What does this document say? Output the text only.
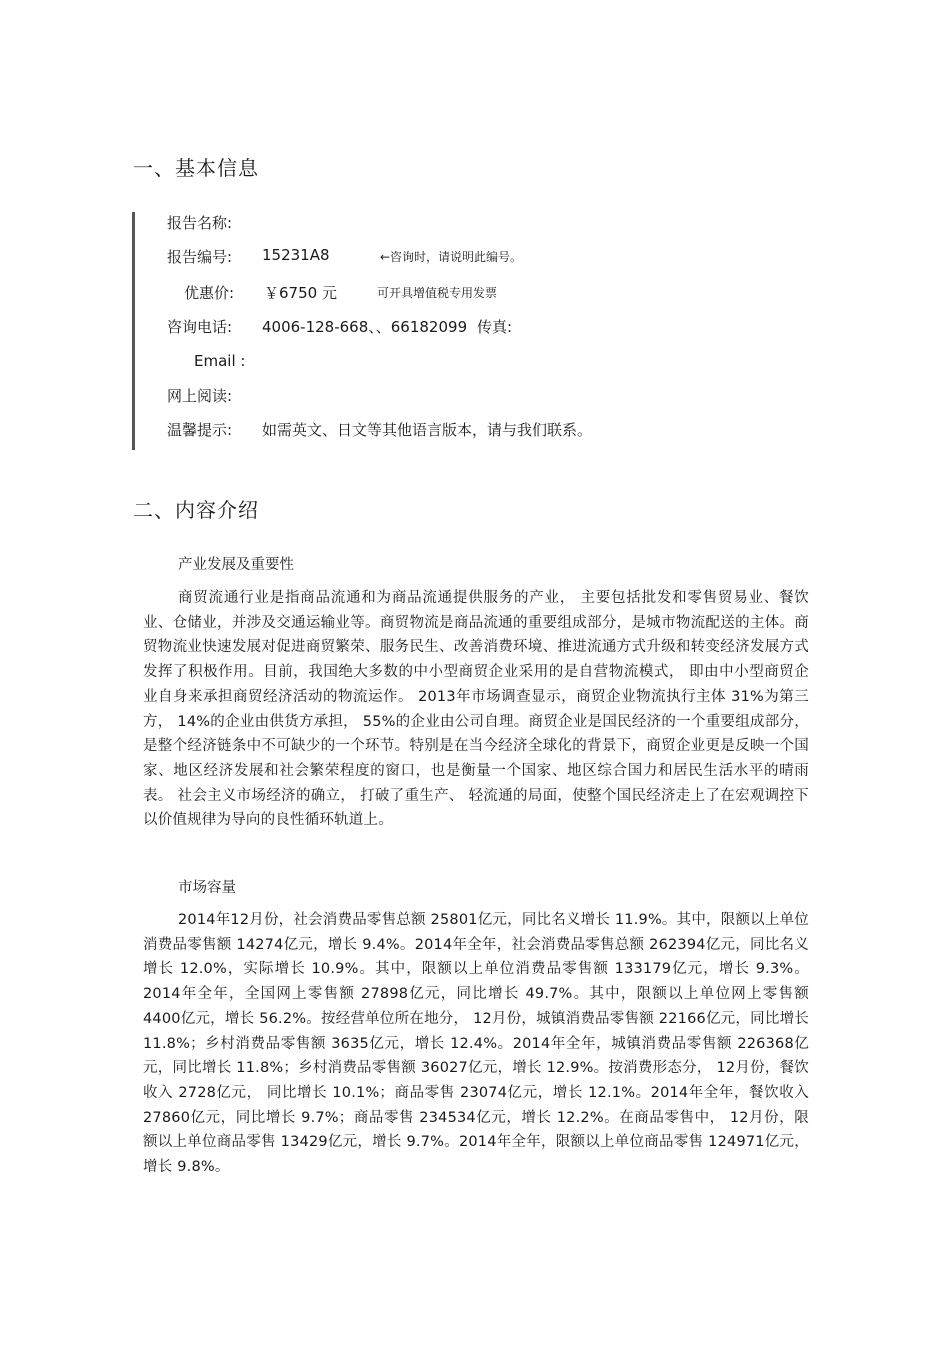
一、基本信息
报告名称:
报告编号: 15231A8	←咨询时，请说明此编号。
优惠价: ￥6750 元	可开具增值税专用发票
咨询电话: 4006-128-668、、66182099 传真:
Email :
网上阅读:
温馨提示: 如需英文、日文等其他语言版本，请与我们联系。
二、内容介绍
产业发展及重要性

商贸流通行业是指商品流通和为商品流通提供服务的产业， 主要包括批发和零售贸易业、餐饮业、仓储业，并涉及交通运输业等。商贸物流是商品流通的重要组成部分，是城市物流配送的主体。商贸物流业快速发展对促进商贸繁荣、服务民生、改善消费环境、推进流通方式升级和转变经济发展方式发挥了积极作用。目前，我国绝大多数的中小型商贸企业采用的是自营物流模式， 即由中小型商贸企业自身来承担商贸经济活动的物流运作。 2013年市场调查显示，商贸企业物流执行主体 31%为第三方， 14%的企业由供货方承担， 55%的企业由公司自理。商贸企业是国民经济的一个重要组成部分，是整个经济链条中不可缺少的一个环节。特别是在当今经济全球化的背景下，商贸企业更是反映一个国家、地区经济发展和社会繁荣程度的窗口，也是衡量一个国家、地区综合国力和居民生活水平的晴雨表。 社会主义市场经济的确立， 打破了重生产、 轻流通的局面，使整个国民经济走上了在宏观调控下以价值规律为导向的良性循环轨道上。

市场容量

2014年12月份，社会消费品零售总额 25801亿元，同比名义增长 11.9%。其中，限额以上单位消费品零售额 14274亿元，增长 9.4%。2014年全年，社会消费品零售总额 262394亿元，同比名义增长 12.0%，实际增长 10.9%。其中，限额以上单位消费品零售额 133179亿元，增长 9.3%。2014年全年，全国网上零售额 27898亿元，同比增长 49.7%。其中，限额以上单位网上零售额 4400亿元，增长 56.2%。按经营单位所在地分， 12月份，城镇消费品零售额 22166亿元，同比增长 11.8%；乡村消费品零售额 3635亿元，增长 12.4%。2014年全年，城镇消费品零售额 226368亿元，同比增长 11.8%；乡村消费品零售额 36027亿元，增长 12.9%。按消费形态分， 12月份，餐饮收入 2728亿元， 同比增长 10.1%；商品零售 23074亿元，增长 12.1%。2014年全年，餐饮收入 27860亿元，同比增长 9.7%；商品零售 234534亿元，增长 12.2%。在商品零售中， 12月份，限额以上单位商品零售 13429亿元，增长 9.7%。2014年全年，限额以上单位商品零售 124971亿元，增长 9.8%。
